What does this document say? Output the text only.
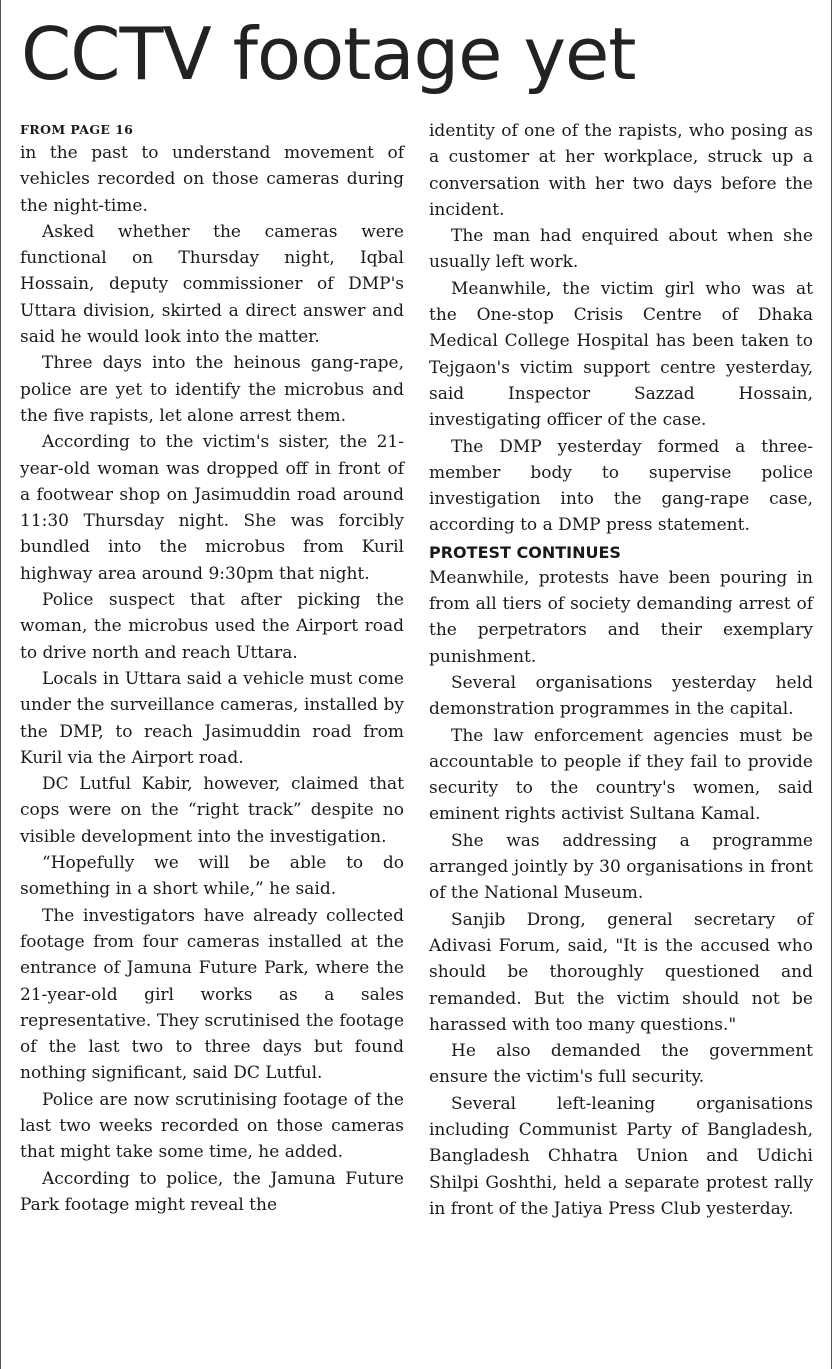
CCTV footage yet
FROM PAGE 16

in the past to understand movement of vehicles recorded on those cameras during the night-time.

Asked whether the cameras were functional on Thursday night, Iqbal Hossain, deputy commissioner of DMP's Uttara division, skirted a direct answer and said he would look into the matter.

Three days into the heinous gang-rape, police are yet to identify the microbus and the five rapists, let alone arrest them.

According to the victim's sister, the 21-year-old woman was dropped off in front of a footwear shop on Jasimuddin road around 11:30 Thursday night. She was forcibly bundled into the microbus from Kuril highway area around 9:30pm that night.

Police suspect that after picking the woman, the microbus used the Airport road to drive north and reach Uttara.

Locals in Uttara said a vehicle must come under the surveillance cameras, installed by the DMP, to reach Jasimuddin road from Kuril via the Airport road.

DC Lutful Kabir, however, claimed that cops were on the “right track” despite no visible development into the investigation.

“Hopefully we will be able to do something in a short while,” he said.

The investigators have already collected footage from four cameras installed at the entrance of Jamuna Future Park, where the 21-year-old girl works as a sales representative. They scrutinised the footage of the last two to three days but found nothing significant, said DC Lutful.

Police are now scrutinising footage of the last two weeks recorded on those cameras that might take some time, he added.

According to police, the Jamuna Future Park footage might reveal the

identity of one of the rapists, who posing as a customer at her workplace, struck up a conversation with her two days before the incident.

The man had enquired about when she usually left work.

Meanwhile, the victim girl who was at the One-stop Crisis Centre of Dhaka Medical College Hospital has been taken to Tejgaon's victim support centre yesterday, said Inspector Sazzad Hossain, investigating officer of the case.

The DMP yesterday formed a three-member body to supervise police investigation into the gang-rape case, according to a DMP press statement.

PROTEST CONTINUES

Meanwhile, protests have been pouring in from all tiers of society demanding arrest of the perpetrators and their exemplary punishment.

Several organisations yesterday held demonstration programmes in the capital.

The law enforcement agencies must be accountable to people if they fail to provide security to the country's women, said eminent rights activist Sultana Kamal.

She was addressing a programme arranged jointly by 30 organisations in front of the National Museum.

Sanjib Drong, general secretary of Adivasi Forum, said, "It is the accused who should be thoroughly questioned and remanded. But the victim should not be harassed with too many questions."

He also demanded the government ensure the victim's full security.

Several left-leaning organisations including Communist Party of Bangladesh, Bangladesh Chhatra Union and Udichi Shilpi Goshthi, held a separate protest rally in front of the Jatiya Press Club yesterday.
